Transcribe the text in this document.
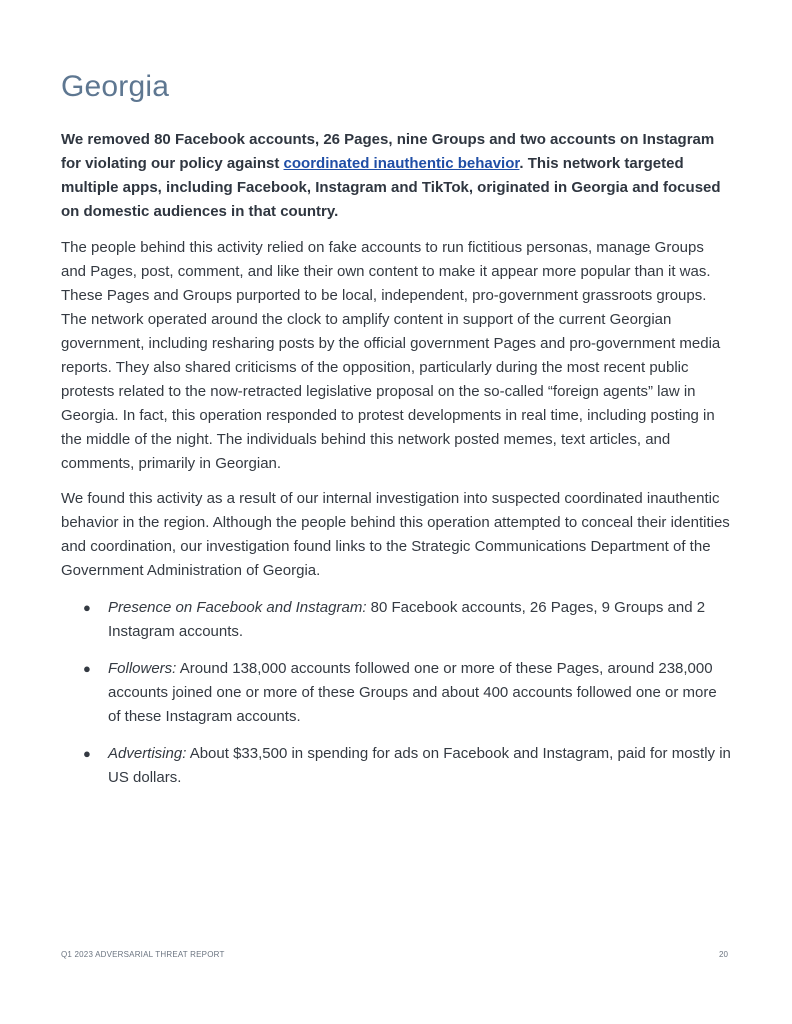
Georgia

We removed 80 Facebook accounts, 26 Pages, nine Groups and two accounts on Instagram for violating our policy against coordinated inauthentic behavior. This network targeted multiple apps, including Facebook, Instagram and TikTok, originated in Georgia and focused on domestic audiences in that country.

The people behind this activity relied on fake accounts to run fictitious personas, manage Groups and Pages, post, comment, and like their own content to make it appear more popular than it was. These Pages and Groups purported to be local, independent, pro-government grassroots groups. The network operated around the clock to amplify content in support of the current Georgian government, including resharing posts by the official government Pages and pro-government media reports. They also shared criticisms of the opposition, particularly during the most recent public protests related to the now-retracted legislative proposal on the so-called “foreign agents” law in Georgia. In fact, this operation responded to protest developments in real time, including posting in the middle of the night. The individuals behind this network posted memes, text articles, and comments, primarily in Georgian.

We found this activity as a result of our internal investigation into suspected coordinated inauthentic behavior in the region. Although the people behind this operation attempted to conceal their identities and coordination, our investigation found links to the Strategic Communications Department of the Government Administration of Georgia.

● Presence on Facebook and Instagram: 80 Facebook accounts, 26 Pages, 9 Groups and 2 Instagram accounts.
● Followers: Around 138,000 accounts followed one or more of these Pages, around 238,000 accounts joined one or more of these Groups and about 400 accounts followed one or more of these Instagram accounts.
● Advertising: About $33,500 in spending for ads on Facebook and Instagram, paid for mostly in US dollars.
Q1 2023 ADVERSARIAL THREAT REPORT	20
